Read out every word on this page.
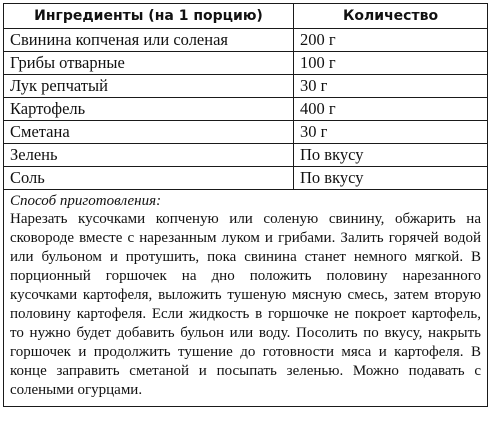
Ингредиенты (на 1 порцию)	Количество
Свинина копченая или соленая	200 г
Грибы отварные	100 г
Лук репчатый	30 г
Картофель	400 г
Сметана	30 г
Зелень	По вкусу
Соль	По вкусу

Способ приготовления:
Нарезать кусочками копченую или соленую свинину, обжарить на сковороде вместе с нарезанным луком и грибами. Залить горячей водой или бульоном и протушить, пока свинина станет немного мягкой. В порционный горшочек на дно положить половину нарезанного кусочками картофеля, выложить тушеную мясную смесь, затем вторую половину картофеля. Если жидкость в горшочке не покроет картофель, то нужно будет добавить бульон или воду. Посолить по вкусу, накрыть горшочек и продолжить тушение до готовности мяса и картофеля. В конце заправить сметаной и посыпать зеленью. Можно подавать с солеными огурцами.	
